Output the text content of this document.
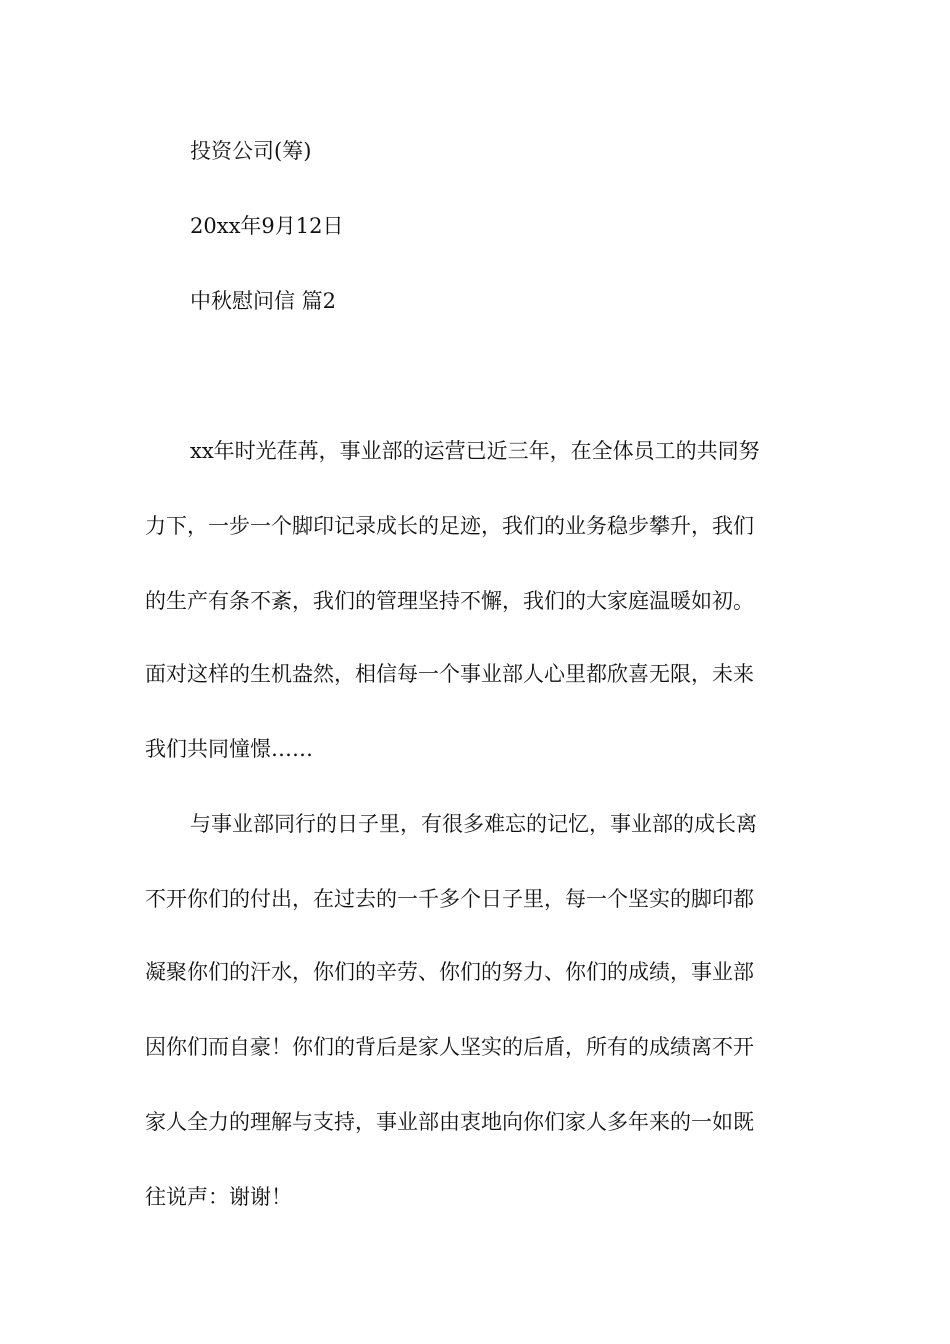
投资公司(筹)
20xx年9月12日
中秋慰问信 篇2
xx年时光荏苒，事业部的运营已近三年，在全体员工的共同努
力下，一步一个脚印记录成长的足迹，我们的业务稳步攀升，我们
的生产有条不紊，我们的管理坚持不懈，我们的大家庭温暖如初。
面对这样的生机盎然，相信每一个事业部人心里都欣喜无限，未来
我们共同憧憬……
与事业部同行的日子里，有很多难忘的记忆，事业部的成长离
不开你们的付出，在过去的一千多个日子里，每一个坚实的脚印都
凝聚你们的汗水，你们的辛劳、你们的努力、你们的成绩，事业部
因你们而自豪！你们的背后是家人坚实的后盾，所有的成绩离不开
家人全力的理解与支持，事业部由衷地向你们家人多年来的一如既
往说声：谢谢！
